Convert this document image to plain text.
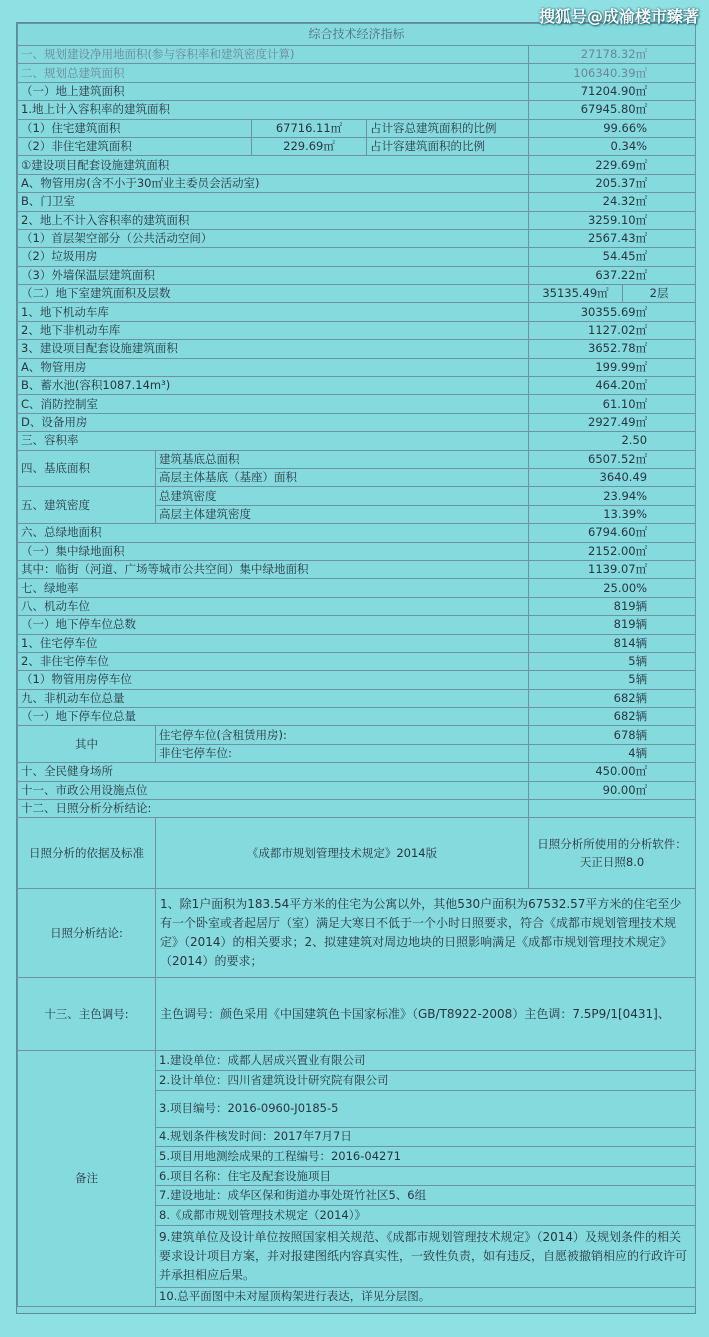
搜狐号@成渝楼市臻著
综合技术经济指标					
一、规划建设净用地面积(参与容积率和建筑密度计算)				27178.32㎡	
二、规划总建筑面积				106340.39㎡	
（一）地上建筑面积				71204.90㎡	
1.地上计入容积率的建筑面积				67945.80㎡	
（1）住宅建筑面积		67716.11㎡	占计容总建筑面积的比例	99.66%	
（2）非住宅建筑面积		229.69㎡	占计容建筑面积的比例	0.34%	
①建设项目配套设施建筑面积				229.69㎡	
A、物管用房(含不小于30㎡业主委员会活动室)				205.37㎡	
B、门卫室				24.32㎡	
2、地上不计入容积率的建筑面积				3259.10㎡	
（1）首层架空部分（公共活动空间）				2567.43㎡	
（2）垃圾用房				54.45㎡	
（3）外墙保温层建筑面积				637.22㎡	
（二）地下室建筑面积及层数				35135.49㎡	2层
1、地下机动车库				30355.69㎡	
2、地下非机动车库				1127.02㎡	
3、建设项目配套设施建筑面积				3652.78㎡	
A、物管用房				199.99㎡	
B、蓄水池(容积1087.14m³)				464.20㎡	
C、消防控制室				61.10㎡	
D、设备用房				2927.49㎡	
三、容积率				2.50	
四、基底面积	建筑基底总面积			6507.52㎡	
	高层主体基底（基座）面积			3640.49	
五、建筑密度	总建筑密度			23.94%	
	高层主体建筑密度			13.39%	
六、总绿地面积				6794.60㎡	
（一）集中绿地面积				2152.00㎡	
其中：临街（河道、广场等城市公共空间）集中绿地面积				1139.07㎡	
七、绿地率				25.00%	
八、机动车位				819辆	
（一）地下停车位总数				819辆	
1、住宅停车位				814辆	
2、非住宅停车位				5辆	
（1）物管用房停车位				5辆	
九、非机动车位总量				682辆	
（一）地下停车位总量				682辆	
其中	住宅停车位(含租赁用房):			678辆	
	非住宅停车位:			4辆	
十、全民健身场所				450.00㎡	
十一、市政公用设施点位				90.00㎡	
十二、日照分析分析结论:					
日照分析的依据及标准	《成都市规划管理技术规定》2014版			日照分析所使用的分析软件：天正日照8.0	
日照分析结论:	1、除1户面积为183.54平方米的住宅为公寓以外，其他530户面积为67532.57平方米的住宅至少有一个卧室或者起居厅（室）满足大寒日不低于一个小时日照要求，符合《成都市规划管理技术规定》（2014）的相关要求；2、拟建建筑对周边地块的日照影响满足《成都市规划管理技术规定》（2014）的要求；				
十三、主色调号:	主色调号：颜色采用《中国建筑色卡国家标准》（GB/T8922-2008）主色调：7.5P9/1[0431]、				
备注	1.建设单位：成都人居成兴置业有限公司				
	2.设计单位：四川省建筑设计研究院有限公司				
	3.项目编号：2016-0960-J0185-5				
	4.规划条件核发时间：2017年7月7日				
	5.项目用地测绘成果的工程编号：2016-04271				
	6.项目名称：住宅及配套设施项目				
	7.建设地址：成华区保和街道办事处斑竹社区5、6组				
	8.《成都市规划管理技术规定（2014）》				
	9.建筑单位及设计单位按照国家相关规范、《成都市规划管理技术规定》（2014）及规划条件的相关要求设计项目方案，并对报建图纸内容真实性，一致性负责，如有违反，自愿被撤销相应的行政许可并承担相应后果。				
	10.总平面图中未对屋顶构架进行表达，详见分层图。				
